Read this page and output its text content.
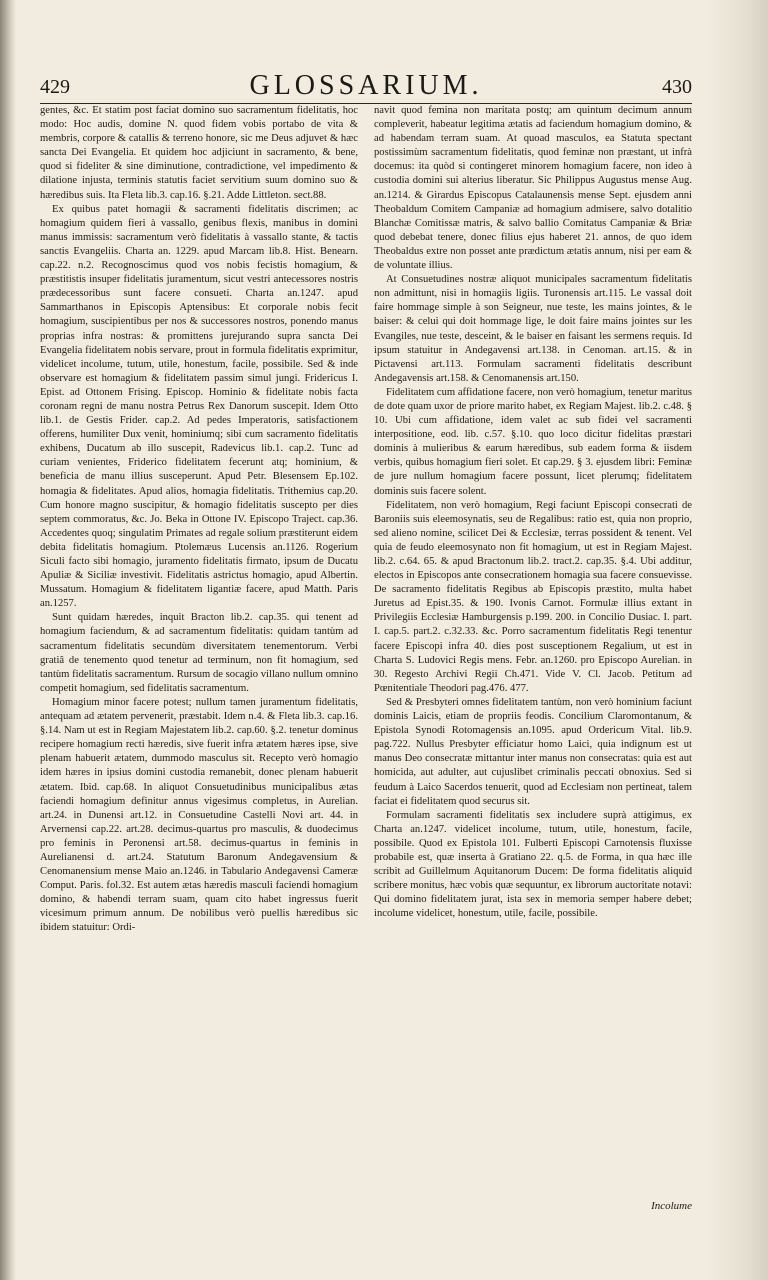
429	GLOSSARIUM.	430

gentes, &c. Et statim post faciat domino suo sacramentum fidelitatis, hoc modo: Hoc audis, domine N. quod fidem vobis portabo de vita & membris, corpore & catallis & terreno honore, sic me Deus adjuvet & hæc sancta Dei Evangelia. Et quidem hoc adjiciunt in sacramento, & bene, quod si fideliter & sine diminutione, contradictione, vel impedimento & dilatione injusta, terminis statutis faciet servitium suum domino suo & hæredibus suis. Ita Fleta lib.3. cap.16. §.21. Adde Littleton. sect.88.

Ex quibus patet homagii & sacramenti fidelitatis discrimen; ac homagium quidem fieri à vassallo, genibus flexis, manibus in domini manus immissis: sacramentum verò fidelitatis à vassallo stante, & tactis sanctis Evangeliis. Charta an. 1229. apud Marcam lib.8. Hist. Benearn. cap.22. n.2. Recognoscimus quod vos nobis fecistis homagium, & præstitistis insuper fidelitatis juramentum, sicut vestri antecessores nostris prædecessoribus sunt facere consueti. Charta an.1247. apud Sammarthanos in Episcopis Aptensibus: Et corporale nobis fecit homagium, suscipientibus per nos & successores nostros, ponendo manus proprias infra nostras: & promittens jurejurando supra sancta Dei Evangelia fidelitatem nobis servare, prout in formula fidelitatis exprimitur, videlicet incolume, tutum, utile, honestum, facile, possibile. Sed & inde observare est homagium & fidelitatem passim simul jungi. Fridericus I. Epist. ad Ottonem Frising. Episcop. Hominio & fidelitate nobis facta coronam regni de manu nostra Petrus Rex Danorum suscepit. Idem Otto lib.1. de Gestis Frider. cap.2. Ad pedes Imperatoris, satisfactionem offerens, humiliter Dux venit, hominiumq; sibi cum sacramento fidelitatis exhibens, Ducatum ab illo suscepit, Radevicus lib.1. cap.2. Tunc ad curiam venientes, Friderico fidelitatem fecerunt atq; hominium, & beneficia de manu illius susceperunt. Apud Petr. Blesensem Ep.102. homagia & fidelitates. Apud alios, homagia fidelitatis. Trithemius cap.20. Cum honore magno suscipitur, & homagio fidelitatis suscepto per dies septem commoratus, &c. Jo. Beka in Ottone IV. Episcopo Traject. cap.36. Accedentes quoq; singulatim Primates ad regale solium præstiterunt eidem debita fidelitatis homagium. Ptolemæus Lucensis an.1126. Rogerium Siculi facto sibi homagio, juramento fidelitatis firmato, ipsum de Ducatu Apuliæ & Siciliæ investivit. Fidelitatis astrictus homagio, apud Albertin. Mussatum. Homagium & fidelitatem ligantiæ facere, apud Matth. Paris an.1257.

Sunt quidam hæredes, inquit Bracton lib.2. cap.35. qui tenent ad homagium faciendum, & ad sacramentum fidelitatis: quidam tantùm ad sacramentum fidelitatis secundùm diversitatem tenementorum. Verbi gratiâ de tenemento quod tenetur ad terminum, non fit homagium, sed tantùm fidelitatis sacramentum. Rursum de socagio villano nullum omnino competit homagium, sed fidelitatis sacramentum.

Homagium minor facere potest; nullum tamen juramentum fidelitatis, antequam ad ætatem pervenerit, præstabit. Idem n.4. & Fleta lib.3. cap.16. §.14. Nam ut est in Regiam Majestatem lib.2. cap.60. §.2. tenetur dominus recipere homagium recti hæredis, sive fuerit infra ætatem hæres ipse, sive plenam habuerit ætatem, dummodo masculus sit. Recepto verò homagio idem hæres in ipsius domini custodia remanebit, donec plenam habuerit ætatem. Ibid. cap.68. In aliquot Consuetudinibus municipalibus ætas faciendi homagium definitur annus vigesimus completus, in Aurelian. art.24. in Dunensi art.12. in Consuetudine Castelli Novi art. 44. in Arvernensi cap.22. art.28. decimus-quartus pro masculis, & duodecimus pro feminis in Peronensi art.58. decimus-quartus in feminis in Aurelianensi d. art.24. Statutum Baronum Andegavensium & Cenomanensium mense Maio an.1246. in Tabulario Andegavensi Cameræ Comput. Paris. fol.32. Est autem ætas hæredis masculi faciendi homagium domino, & habendi terram suam, quam cito habet ingressus fuerit vicesimum primum annum. De nobilibus verò puellis hæredibus sic ibidem statuitur: Ordi-

navit quod femina non maritata postq; am quintum decimum annum compleverit, habeatur legitima ætatis ad faciendum homagium domino, & ad habendam terram suam. At quoad masculos, ea Statuta spectant postissimùm sacramentum fidelitatis, quod feminæ non præstant, ut infrà docemus: ita quòd si contingeret minorem homagium facere, non ideo à custodia domini sui alterius liberatur. Sic Philippus Augustus mense Aug. an.1214. & Girardus Episcopus Catalaunensis mense Sept. ejusdem anni Theobaldum Comitem Campaniæ ad homagium admisere, salvo dotalitio Blanchæ Comitissæ matris, & salvo ballio Comitatus Campaniæ & Briæ quod debebat tenere, donec filius ejus haberet 21. annos, de quo idem Theobaldus extre non posset ante prædictum ætatis annum, nisi per eam & de voluntate illius.

At Consuetudines nostræ aliquot municipales sacramentum fidelitatis non admittunt, nisi in homagiis ligiis. Turonensis art.115. Le vassal doit faire hommage simple à son Seigneur, nue teste, les mains jointes, & le baiser: & celui qui doit hommage lige, le doit faire mains jointes sur les Evangiles, nue teste, desceint, & le baiser en faisant les sermens requis. Id ipsum statuitur in Andegavensi art.138. in Cenoman. art.15. & in Pictavensi art.113. Formulam sacramenti fidelitatis describunt Andegavensis art.158. & Cenomanensis art.150.

Fidelitatem cum affidatione facere, non verò homagium, tenetur maritus de dote quam uxor de priore marito habet, ex Regiam Majest. lib.2. c.48. § 10. Ubi cum affidatione, idem valet ac sub fidei vel sacramenti interpositione, eod. lib. c.57. §.10. quo loco dicitur fidelitas præstari dominis à mulieribus & earum hæredibus, sub eadem forma & iisdem verbis, quibus homagium fieri solet. Et cap.29. § 3. ejusdem libri: Feminæ de jure nullum homagium facere possunt, licet plerumq; fidelitatem dominis suis facere solent.

Fidelitatem, non verò homagium, Regi faciunt Episcopi consecrati de Baroniis suis eleemosynatis, seu de Regalibus: ratio est, quia non proprio, sed alieno nomine, scilicet Dei & Ecclesiæ, terras possident & tenent. Vel quia de feudo eleemosynato non fit homagium, ut est in Regiam Majest. lib.2. c.64. 65. & apud Bractonum lib.2. tract.2. cap.35. §.4. Ubi additur, electos in Episcopos ante consecrationem homagia sua facere consuevisse. De sacramento fidelitatis Regibus ab Episcopis præstito, multa habet Juretus ad Epist.35. & 190. Ivonis Carnot. Formulæ illius extant in Privilegiis Ecclesiæ Hamburgensis p.199. 200. in Concilio Dusiac. I. part. I. cap.5. part.2. c.32.33. &c. Porro sacramentum fidelitatis Regi tenentur facere Episcopi infra 40. dies post susceptionem Regalium, ut est in Charta S. Ludovici Regis mens. Febr. an.1260. pro Episcopo Aurelian. in 30. Regesto Archivi Regii Ch.471. Vide V. Cl. Jacob. Petitum ad Pœnitentiale Theodori pag.476. 477.

Sed & Presbyteri omnes fidelitatem tantùm, non verò hominium faciunt dominis Laicis, etiam de propriis feodis. Concilium Claromontanum, & Epistola Synodi Rotomagensis an.1095. apud Ordericum Vital. lib.9. pag.722. Nullus Presbyter efficiatur homo Laici, quia indignum est ut manus Deo consecratæ mittantur inter manus non consecratas: quia est aut homicida, aut adulter, aut cujuslibet criminalis peccati obnoxius. Sed si feudum à Laico Sacerdos tenuerit, quod ad Ecclesiam non pertineat, talem faciat ei fidelitatem quod securus sit.

Formulam sacramenti fidelitatis sex includere suprà attigimus, ex Charta an.1247. videlicet incolume, tutum, utile, honestum, facile, possibile. Quod ex Epistola 101. Fulberti Episcopi Carnotensis fluxisse probabile est, quæ inserta à Gratiano 22. q.5. de Forma, in qua hæc ille scribit ad Guillelmum Aquitanorum Ducem: De forma fidelitatis aliquid scribere monitus, hæc vobis quæ sequuntur, ex librorum auctoritate notavi: Qui domino fidelitatem jurat, ista sex in memoria semper habere debet; incolume videlicet, honestum, utile, facile, possibile.

Incolume
